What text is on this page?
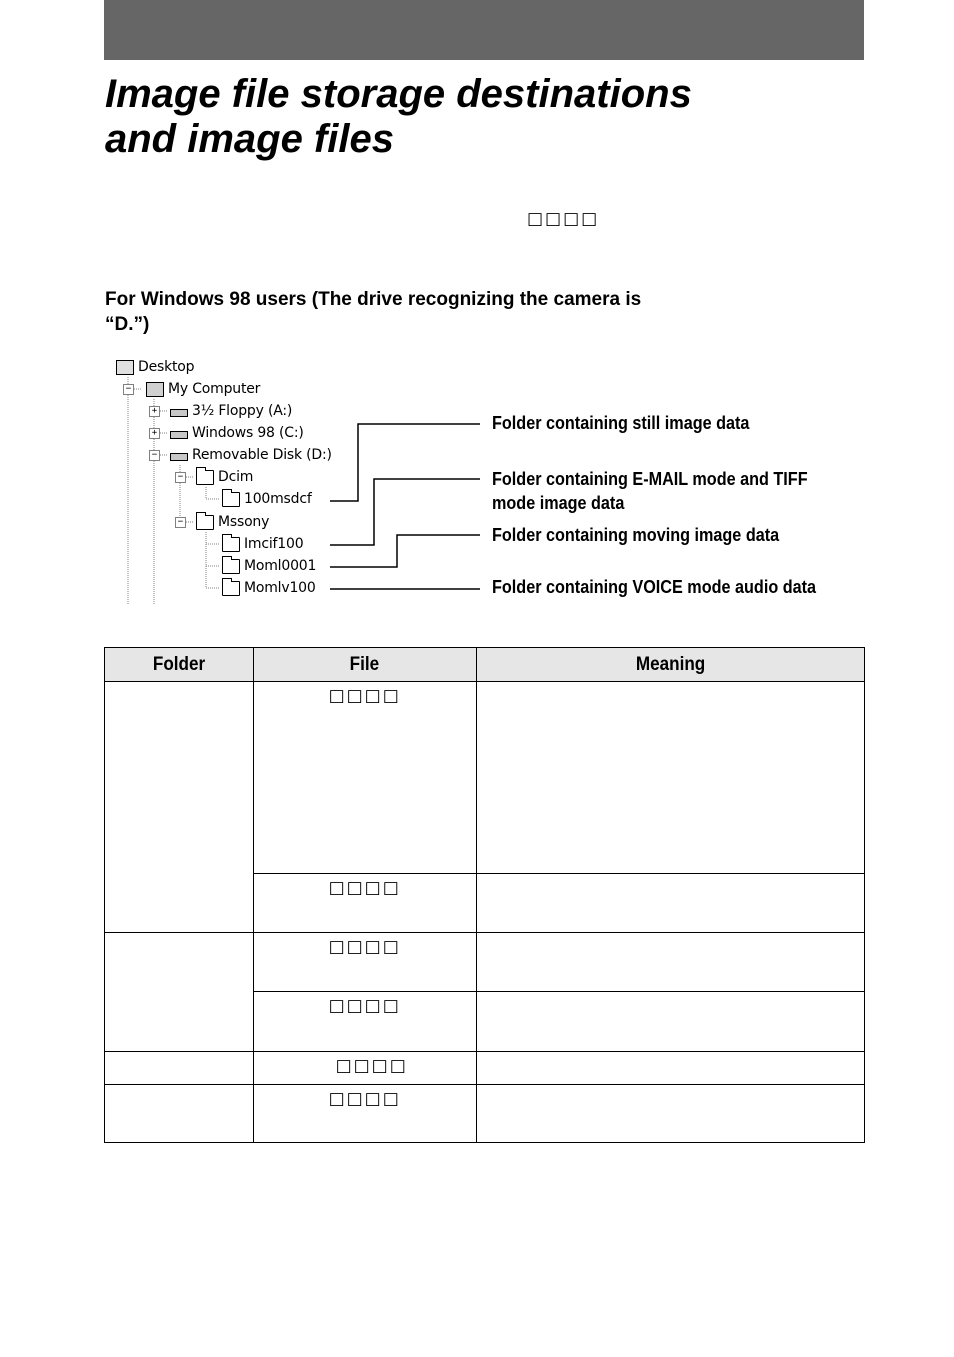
Image file storage destinations
and image files
□□□□
For Windows 98 users (The drive recognizing the camera is
“D.”)
Desktop
−	My Computer
+ 3½ Floppy (A:)
+ Windows 98 (C:)
− Removable Disk (D:)
− Dcim
100msdcf
− Mssony
Imcif100
Moml0001
Momlv100
Folder containing still image data
Folder containing E-MAIL mode and TIFF
mode image data
Folder containing moving image data
Folder containing VOICE mode audio data
Folder	File	Meaning
	□□□□	
	□□□□	
	□□□□	
	□□□□	
	□□□□	
	□□□□	
